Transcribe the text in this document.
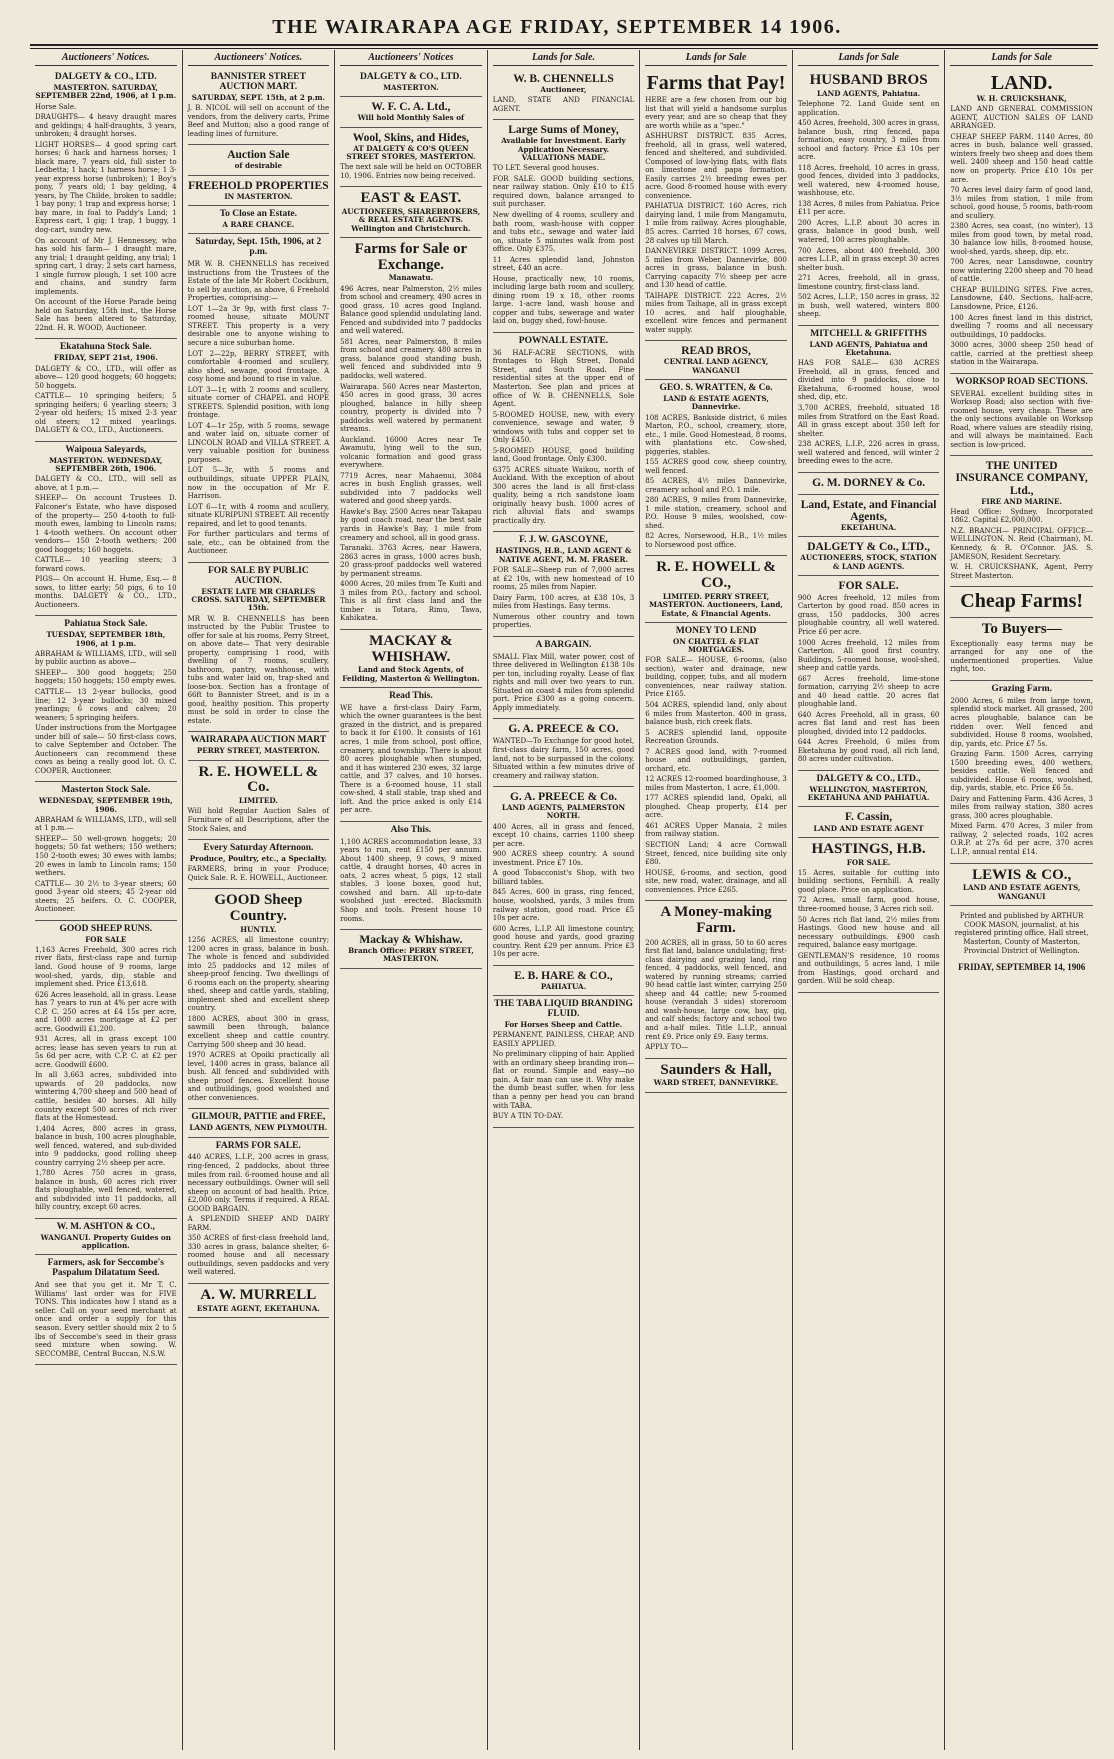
THE WAIRARAPA AGE FRIDAY, SEPTEMBER 14 1906.
Auctioneers' Notices.
DALGETY & CO., LTD.
MASTERTON. SATURDAY, SEPTEMBER 22nd, 1906, at 1 p.m.

Horse Sale.

DRAUGHTS— 4 heavy draught mares and geldings; 4 half-draughts, 3 years, unbroken; 4 draught horses.

LIGHT HORSES— 4 good spring cart horses; 6 hack and harness horses; 1 black mare, 7 years old, full sister to Ledbetta; 1 hack; 1 harness horse; 1 3-year express horse (unbroken); 1 Boy's pony, 7 years old; 1 bay gelding, 4 years, by The Childe, broken to saddle; 1 bay pony; 1 trap and express horse; 1 bay mare, in foal to Paddy's Land; 1 Express cart, 1 gig; 1 trap, 1 buggy, 1 dog-cart, sundry new.

On account of Mr J. Hennessey, who has sold his farm— 1 draught mare, any trial; 1 draught gelding, any trial; 1 spring cart, 1 dray; 2 sets cart harness, 1 single furrow plough, 1 set 100 acre and chains, and sundry farm implements.

On account of the Horse Parade being held on Saturday, 15th inst., the Horse Sale has been altered to Saturday, 22nd. H. R. WOOD, Auctioneer.

Ekatahuna Stock Sale.
FRIDAY, SEPT 21st, 1906.

DALGETY & CO., LTD., will offer as above— 120 good hoggets; 60 hoggets; 50 hoggets.

CATTLE— 10 springing heifers; 5 springing heifers; 6 yearling steers; 3 2-year old heifers; 15 mixed 2-3 year old steers; 12 mixed yearlings. DALGETY & CO., LTD., Auctioneers.

Waipoua Saleyards,
MASTERTON. WEDNESDAY, SEPTEMBER 26th, 1906.

DALGETY & CO., LTD., will sell as above, at 1 p.m.—

SHEEP— On account Trustees D. Falconer's Estate, who have disposed of the property— 250 4-tooth to full-mouth ewes, lambing to Lincoln rams; 1 4-tooth wethers. On account other vendors— 150 2-tooth wethers; 200 good hoggets; 160 hoggets.

CATTLE— 10 yearling steers; 3 forward cows.

PIGS— On account H. Hume, Esq.— 8 sows, to litter early; 50 pigs, 6 to 10 months. DALGETY & CO., LTD., Auctioneers.

Pahiatua Stock Sale.
TUESDAY, SEPTEMBER 18th, 1906, at 1 p.m.

ABRAHAM & WILLIAMS, LTD., will sell by public auction as above—

SHEEP— 300 good hoggets; 250 hoggets; 150 hoggets; 150 empty ewes.

CATTLE— 13 2-year bullocks, good line; 12 3-year bullocks; 30 mixed yearlings; 6 cows and calves; 20 weaners; 5 springing heifers.

Under instructions from the Mortgagee under bill of sale— 50 first-class cows, to calve September and October. The Auctioneers can recommend these cows as being a really good lot. O. C. COOPER, Auctioneer.

Masterton Stock Sale.
WEDNESDAY, SEPTEMBER 19th, 1906.

ABRAHAM & WILLIAMS, LTD., will sell at 1 p.m.—

SHEEP— 50 well-grown hoggets; 20 hoggets; 50 fat wethers; 150 wethers; 150 2-tooth ewes; 30 ewes with lambs; 20 ewes in lamb to Lincoln rams; 150 wethers.

CATTLE— 30 2½ to 3-year steers; 60 good 3-year old steers; 45 2-year old steers; 25 heifers. O. C. COOPER, Auctioneer.

GOOD SHEEP RUNS.
FOR SALE

1,163 Acres Freehold, 300 acres rich river flats, first-class rape and turnip land. Good house of 9 rooms, large wool-shed, yards, dip, stable and implement shed. Price £13,618.

626 Acres leasehold, all in grass. Lease has 7 years to run at 4% per acre with C.P. C. 250 acres at £4 15s per acre, and 1000 acres mortgage at £2 per acre. Goodwill £1,200.

931 Acres, all in grass except 100 acres; lease has seven years to run at 5s 6d per acre, with C.P. C. at £2 per acre. Goodwill £600.

In all 3,663 acres, subdivided into upwards of 20 paddocks, now wintering 4,700 sheep and 500 head of cattle, besides 40 horses. All hilly country except 500 acres of rich river flats at the Homestead.

1,404 Acres, 800 acres in grass, balance in bush, 100 acres ploughable, well fenced, watered, and sub-divided into 9 paddocks, good rolling sheep country carrying 2½ sheep per acre.

1,780 Acres 750 acres in grass, balance in bush, 60 acres rich river flats ploughable, well fenced, watered, and subdivided into 11 paddocks, all hilly country, except 60 acres.

W. M. ASHTON & CO.,
WANGANUI. Property Guides on application.
Farmers, ask for Seccombe's Paspalum Dilatatum Seed.

And see that you get it. Mr T. C. Williams' last order was for FIVE TONS. This indicates how I stand as a seller. Call on your seed merchant at once and order a supply for this season. Every settler should mix 2 to 5 lbs of Seccombe's seed in their grass seed mixture when sowing. W. SECCOMBE, Central Buccan, N.S.W.

Auctioneers' Notices.
BANNISTER STREET AUCTION MART.
SATURDAY, SEPT. 15th, at 2 p.m.

J. B. NICOL will sell on account of the vendors, from the delivery carts, Prime Beef and Mutton; also a good range of leading lines of furniture.

Auction Sale
of desirable
FREEHOLD PROPERTIES
IN MASTERTON.
To Close an Estate.
A RARE CHANCE.
Saturday, Sept. 15th, 1906, at 2 p.m.

MR W. B. CHENNELLS has received instructions from the Trustees of the Estate of the late Mr Robert Cockburn, to sell by auction, as above, 6 Freehold Properties, comprising:—

LOT 1—2a 3r 9p, with first class 7-roomed house, situate MOUNT STREET. This property is a very desirable one to anyone wishing to secure a nice suburban home.

LOT 2—22p, BERRY STREET, with comfortable 4-roomed and scullery, also shed, sewage, good frontage. A cosy home and bound to rise in value.

LOT 3—1r, with 2 rooms and scullery, situate corner of CHAPEL and HOPE STREETS. Splendid position, with long frontage.

LOT 4—1r 25p, with 5 rooms, sewage and water laid on, situate corner of LINCOLN ROAD and VILLA STREET. A very valuable position for business purposes.

LOT 5—3r, with 5 rooms and outbuildings, situate UPPER PLAIN, now in the occupation of Mr F. Harrison.

LOT 6—1r, with 4 rooms and scullery, situate KURIPUNI STREET. All recently repaired, and let to good tenants.

For further particulars and terms of sale, etc., can be obtained from the Auctioneer.

FOR SALE BY PUBLIC AUCTION.
ESTATE LATE MR CHARLES CROSS. SATURDAY, SEPTEMBER 15th.

MR W. B. CHENNELLS has been instructed by the Public Trustee to offer for sale at his rooms, Perry Street, on above date— That very desirable property, comprising 1 rood, with dwelling of 7 rooms, scullery, bathroom, pantry, washhouse, with tubs and water laid on, trap-shed and loose-box. Section has a frontage of 66ft to Bannister Street, and is in a good, healthy position. This property must be sold in order to close the estate.

WAIRARAPA AUCTION MART
PERRY STREET, MASTERTON.
R. E. HOWELL & Co.
LIMITED.

Will hold Regular Auction Sales of Furniture of all Descriptions, after the Stock Sales, and

Every Saturday Afternoon.
Produce, Poultry, etc., a Specialty.

FARMERS, bring in your Produce; Quick Sale. R. E. HOWELL, Auctioneer.

GOOD Sheep Country.
HUNTLY.

1256 ACRES, all limestone country; 1200 acres in grass, balance in bush. The whole is fenced and subdivided into 25 paddocks and 12 miles of sheep-proof fencing. Two dwellings of 6 rooms each on the property, shearing shed, sheep and cattle yards, stabling, implement shed and excellent sheep country.

1800 ACRES, about 300 in grass, sawmill been through, balance excellent sheep and cattle country. Carrying 500 sheep and 30 head.

1970 ACRES at Opoiki practically all level, 1400 acres in grass, balance all bush. All fenced and subdivided with sheep proof fences. Excellent house and outbuildings, good woolshed and other conveniences.

GILMOUR, PATTIE and FREE,
LAND AGENTS, NEW PLYMOUTH.
FARMS FOR SALE.

440 ACRES, L.I.P., 200 acres in grass, ring-fenced, 2 paddocks, about three miles from rail. 6-roomed house and all necessary outbuildings. Owner will sell sheep on account of bad health. Price, £2,000 only. Terms if required. A REAL GOOD BARGAIN.

A SPLENDID SHEEP AND DAIRY FARM.

350 ACRES of first-class freehold land, 330 acres in grass, balance shelter, 6-roomed house and all necessary outbuildings, seven paddocks and very well watered.

A. W. MURRELL
ESTATE AGENT, EKETAHUNA.
Auctioneers' Notices
DALGETY & CO., LTD.
MASTERTON.
W. F. C. A. Ltd.,
Will hold Monthly Sales of
Wool, Skins, and Hides,
AT DALGETY & CO'S QUEEN STREET STORES, MASTERTON.

The next sale will be held on OCTOBER 10, 1906. Entries now being received.

EAST & EAST.
AUCTIONEERS, SHAREBROKERS, & REAL ESTATE AGENTS. Wellington and Christchurch.
Farms for Sale or Exchange.
Manawatu.

496 Acres, near Palmerston, 2½ miles from school and creamery, 490 acres in good grass, 10 acres good Ingland. Balance good splendid undulating land. Fenced and subdivided into 7 paddocks and well watered.

581 Acres, near Palmerston, 8 miles from school and creamery. 480 acres in grass, balance good standing bush, well fenced and subdivided into 9 paddocks, well watered.

Wairarapa. 560 Acres near Masterton, 450 acres in good grass, 30 acres ploughed, balance in hilly sheep country, property is divided into 7 paddocks well watered by permanent streams.

Auckland. 16000 Acres near Te Awamutu, lying well to the sun, volcanic formation and good grass everywhere.

7719 Acres, near Mahaenui, 3084 acres in bush English grasses, well subdivided into 7 paddocks well watered and good sheep yards.

Hawke's Bay. 2500 Acres near Takapau by good coach road, near the best sale yards in Hawke's Bay, 1 mile from creamery and school, all in good grass.

Taranaki. 3763 Acres, near Hawera, 2863 acres in grass, 1000 acres bush, 20 grass-proof paddocks well watered by permanent streams.

4000 Acres, 20 miles from Te Kuiti and 3 miles from P.O., factory and school. This is all first class land and the timber is Totara, Rimu, Tawa, Kahikatea.

MACKAY & WHISHAW.
Land and Stock Agents, of Feilding, Masterton & Wellington.
Read This.

WE have a first-class Dairy Farm, which the owner guarantees is the best grazed in the district, and is prepared to back it for £100. It consists of 161 acres, 1 mile from school, post office, creamery, and township. There is about 80 acres ploughable when stumped, and it has wintered 230 ewes, 32 large cattle, and 37 calves, and 10 horses. There is a 6-roomed house, 11 stall cow-shed, 4 stall stable, trap shed and loft. And the price asked is only £14 per acre.

Also This.

1,100 ACRES accommodation lease, 33 years to run, rent £150 per annum. About 1400 sheep, 9 cows, 9 mixed cattle, 4 draught horses, 40 acres in oats, 2 acres wheat, 5 pigs, 12 stall stables, 3 loose boxes, good hut, cowshed and barn. All up-to-date woolshed just erected. Blacksmith Shop and tools. Present house 10 rooms.

Mackay & Whishaw.
Branch Office: PERRY STREET, MASTERTON.
Lands for Sale.
W. B. CHENNELLS
Auctioneer,

LAND, STATE AND FINANCIAL AGENT.

Large Sums of Money,
Available for Investment. Early Application Necessary. VALUATIONS MADE.

TO LET. Several good houses.

FOR SALE. GOOD building sections, near railway station. Only £10 to £15 required down, balance arranged to suit purchaser.

New dwelling of 4 rooms, scullery and bath room, wash-house with copper and tubs etc., sewage and water laid on, situate 5 minutes walk from post office. Only £375.

11 Acres splendid land, Johnston street, £40 an acre.

House, practically new, 10 rooms, including large bath room and scullery, dining room 19 x 18, other rooms large. 1-acre land, wash house and copper and tubs, sewerage and water laid on, buggy shed, fowl-house.

POWNALL ESTATE.

36 HALF-ACRE SECTIONS, with frontages to High Street, Donald Street, and South Road. Fine residential sites at the upper end of Masterton. See plan and prices at office of W. B. CHENNELLS, Sole Agent.

5-ROOMED HOUSE, new, with every convenience, sewage and water, 9 windows with tubs and copper set to Only £450.

5-ROOMED HOUSE, good building land, Good frontage. Only £300.

6375 ACRES situate Waikou, north of Auckland. With the exception of about 300 acres the land is all first-class quality, being a rich sandstone loam originally heavy bush. 1000 acres of rich alluvial flats and swamps practically dry.

F. J. W. GASCOYNE,
HASTINGS, H.B., LAND AGENT & NATIVE AGENT, M. M. FRASER.

FOR SALE—Sheep run of 7,000 acres at £2 10s, with new homestead of 10 rooms, 25 miles from Napier.

Dairy Farm, 100 acres, at £38 10s, 3 miles from Hastings. Easy terms.

Numerous other country and town properties.

A BARGAIN.

SMALL Flax Mill, water power, cost of three delivered in Wellington £138 10s per ton, including royalty. Lease of flax rights and mill over two years to run. Situated on coast 4 miles from splendid port. Price £300 as a going concern. Apply immediately.

G. A. PREECE & CO.

WANTED—To Exchange for good hotel, first-class dairy farm, 150 acres, good land, not to be surpassed in the colony. Situated within a few minutes drive of creamery and railway station.

G. A. PREECE & Co.
LAND AGENTS, PALMERSTON NORTH.

400 Acres, all in grass and fenced, except 10 chains, carries 1100 sheep per acre.

900 ACRES sheep country. A sound investment. Price £7 10s.

A good Tobacconist's Shop, with two billiard tables.

845 Acres, 600 in grass, ring fenced, house, woolshed, yards, 3 miles from railway station, good road. Price £5 10s per acre.

600 Acres, L.I.P. All limestone country, good house and yards, good grazing country. Rent £29 per annum. Price £3 10s per acre.

E. B. HARE & CO.,
PAHIATUA.
THE TABA LIQUID BRANDING FLUID.
For Horses Sheep and Cattle.

PERMANENT, PAINLESS, CHEAP, AND EASILY APPLIED.

No preliminary clipping of hair. Applied with an ordinary sheep branding iron—flat or round. Simple and easy—no pain. A fair man can use it. Why make the dumb beast suffer, when for less than a penny per head you can brand with TABA.

BUY A TIN TO-DAY.

Lands for Sale
Farms that Pay!

HERE are a few chosen from our big list that will yield a handsome surplus every year, and are so cheap that they are worth while as a "spec."

ASHHURST DISTRICT. 835 Acres, freehold, all in grass, well watered, fenced and sheltered, and subdivided. Composed of low-lying flats, with flats on limestone and papa formation. Easily carries 2½ breeding ewes per acre. Good 8-roomed house with every convenience.

PAHIATUA DISTRICT. 160 Acres, rich dairying land, 1 mile from Mangamutu, 1 mile from railway. Acres ploughable, 85 acres. Carried 18 horses, 67 cows, 28 calves up till March.

DANNEVIRKE DISTRICT. 1099 Acres, 5 miles from Weber, Dannevirke, 800 acres in grass, balance in bush. Carrying capacity 7½ sheep per acre and 130 head of cattle.

TAIHAPE DISTRICT. 222 Acres, 2½ miles from Taihape, all in grass except 10 acres, and half ploughable, excellent wire fences and permanent water supply.

READ BROS,
CENTRAL LAND AGENCY, WANGANUI
GEO. S. WRATTEN, & Co.
LAND & ESTATE AGENTS, Dannevirke.

108 ACRES, Bankside district, 6 miles Marton, P.O., school, creamery, store, etc., 1 mile. Good Homestead, 8 rooms, with plantations etc. Cow-shed, piggeries, stables.

155 ACRES good cow, sheep country, well fenced.

85 ACRES, 4½ miles Dannevirke, creamery school and P.O. 1 mile.

280 ACRES, 9 miles from Dannevirke, 1 mile station, creamery, school and P.O. House 9 miles, woolshed, cow-shed.

82 Acres, Norsewood, H.B., 1½ miles to Norsewood post office.

R. E. HOWELL & CO.,
LIMITED. PERRY STREET, MASTERTON. Auctioneers, Land, Estate, & Financial Agents.
MONEY TO LEND
ON CHATTEL & FLAT MORTGAGES.

FOR SALE— HOUSE, 6-rooms, (also section), water and drainage, new building, copper, tubs, and all modern conveniences, near railway station. Price £165.

504 ACRES, splendid land, only about 6 miles from Masterton. 400 in grass, balance bush, rich creek flats.

5 ACRES splendid land, opposite Recreation Grounds.

7 ACRES good land, with 7-roomed house and outbuildings, garden, orchard, etc.

12 ACRES 12-roomed boardinghouse, 3 miles from Masterton, 1 acre, £1,000.

177 ACRES splendid land, Opaki, all ploughed. Cheap property, £14 per acre.

461 ACRES Upper Manaia, 2 miles from railway station.

SECTION Land; 4 acre Cornwall Street, fenced, nice building site only £80.

HOUSE, 6-rooms, and section, good site, new road, water, drainage, and all conveniences. Price £265.

A Money-making Farm.

200 ACRES, all in grass, 50 to 60 acres first flat land, balance undulating; first-class dairying and grazing land, ring fenced, 4 paddocks, well fenced, and watered by running streams; carried 90 head cattle last winter, carrying 250 sheep and 44 cattle; new 5-roomed house (verandah 3 sides) storeroom and wash-house, large cow, bay, gig, and calf sheds; factory and school two and a-half miles. Title L.I.P., annual rent £9. Price only £9. Easy terms.

APPLY TO—

Saunders & Hall,
WARD STREET, DANNEVIRKE.
Lands for Sale
HUSBAND BROS
LAND AGENTS, Pahiatua.

Telephone 72. Land Guide sent on application.

450 Acres, freehold, 300 acres in grass, balance bush, ring fenced, papa formation, easy country, 3 miles from school and factory. Price £3 10s per acre.

118 Acres, freehold, 10 acres in grass, good fences, divided into 3 paddocks, well watered, new 4-roomed house, washhouse, etc.

138 Acres, 8 miles from Pahiatua. Price £11 per acre.

200 Acres, L.I.P. about 30 acres in grass, balance in good bush, well watered, 100 acres ploughable.

700 Acres, about 400 freehold, 300 acres L.I.P., all in grass except 30 acres shelter bush.

271 Acres, freehold, all in grass, limestone country, first-class land.

502 Acres, L.I.P., 150 acres in grass, 32 in bush, well watered, winters 800 sheep.

MITCHELL & GRIFFITHS
LAND AGENTS, Pahiatua and Eketahuna.

HAS FOR SALE— 630 ACRES Freehold, all in grass, fenced and divided into 9 paddocks, close to Eketahuna, 6-roomed house, wool shed, dip, etc.

3,700 ACRES, freehold, situated 18 miles from Stratford on the East Road. All in grass except about 350 left for shelter.

238 ACRES, L.I.P., 226 acres in grass, well watered and fenced, will winter 2 breeding ewes to the acre.

G. M. DORNEY & Co.
Land, Estate, and Financial Agents,
EKETAHUNA.
DALGETY & Co., LTD.,
AUCTIONEERS, STOCK, STATION & LAND AGENTS.
FOR SALE.

900 Acres freehold, 12 miles from Carterton by good road. 850 acres in grass, 150 paddocks, 300 acres ploughable country, all well watered. Price £6 per acre.

1000 Acres freehold, 12 miles from Carterton. All good first country. Buildings, 5-roomed house, wool-shed, sheep and cattle yards.

667 Acres freehold, lime-stone formation, carrying 2½ sheep to acre and 40 head cattle. 20 acres flat ploughable land.

640 Acres Freehold, all in grass, 60 acres flat land and rest has been ploughed, divided into 12 paddocks.

644 Acres Freehold, 6 miles from Eketahuna by good road, all rich land, 80 acres under cultivation.

DALGETY & CO., LTD.,
WELLINGTON, MASTERTON, EKETAHUNA AND PAHIATUA.
F. Cassin,
LAND AND ESTATE AGENT
HASTINGS, H.B.
FOR SALE.

15 Acres, suitable for cutting into building sections, Fernhill. A really good place. Price on application.

72 Acres, small farm, good house, three-roomed house, 3 Acres rich soil.

50 Acres rich flat land, 2½ miles from Hastings. Good new house and all necessary outbuildings. £900 cash required, balance easy mortgage.

GENTLEMAN'S residence, 10 rooms and outbuildings, 5 acres land, 1 mile from Hastings, good orchard and garden. Will be sold cheap.

Lands for Sale
LAND.
W. H. CRUICKSHANK,

LAND AND GENERAL COMMISSION AGENT, AUCTION SALES OF LAND ARRANGED.

CHEAP SHEEP FARM. 1140 Acres, 80 acres in bush, balance well grassed, winters freely two sheep and does them well. 2400 sheep and 150 head cattle now on property. Price £10 10s per acre.

70 Acres level dairy farm of good land, 3½ miles from station, 1 mile from school, good house, 5 rooms, bath-room and scullery.

2380 Acres, sea coast, (no winter), 13 miles from good town, by metal road, 30 balance low hills, 8-roomed house, wool-shed, yards, sheep, dip, etc.

700 Acres, near Lansdowne, country now wintering 2200 sheep and 70 head of cattle.

CHEAP BUILDING SITES. Five acres, Lansdowne, £40. Sections, half-acre, Lansdowne, Price, £126.

100 Acres finest land in this district, dwelling 7 rooms and all necessary outbuildings, 10 paddocks.

3000 acres, 3000 sheep 250 head of cattle, carried at the prettiest sheep station in the Wairarapa.

WORKSOP ROAD SECTIONS.

SEVERAL excellent building sites in Worksop Road; also section with five-roomed house, very cheap. These are the only sections available on Worksop Road, where values are steadily rising, and will always be maintained. Each section is low-priced.

THE UNITED INSURANCE COMPANY, Ltd.,
FIRE AND MARINE.

Head Office: Sydney. Incorporated 1862. Capital £2,000,000.

N.Z. BRANCH— PRINCIPAL OFFICE—WELLINGTON. N. Reid (Chairman), M. Kennedy, & R. O'Connor. JAS. S. JAMESON, Resident Secretary.

W. H. CRUICKSHANK, Agent, Perry Street Masterton.

Cheap Farms!
To Buyers—

Exceptionally easy terms may be arranged for any one of the undermentioned properties. Value right, too.

Grazing Farm.

2000 Acres, 6 miles from large town, splendid stock market. All grassed, 200 acres ploughable, balance can be ridden over. Well fenced and subdivided. House 8 rooms, woolshed, dip, yards, etc. Price £7 5s.

Grazing Farm. 1500 Acres, carrying 1500 breeding ewes, 400 wethers, besides cattle. Well fenced and subdivided. House 6 rooms, woolshed, dip, yards, stable, etc. Price £6 5s.

Dairy and Fattening Farm. 436 Acres, 3 miles from railway station, 380 acres grass, 300 acres ploughable.

Mixed Farm. 470 Acres, 3 miler from railway, 2 selected roads, 102 acres O.R.P. at 27s 6d per acre, 370 acres L.I.P., annual rental £14.

LEWIS & CO.,
LAND AND ESTATE AGENTS, WANGANUI
Printed and published by ARTHUR COOK MASON, journalist, at his registered printing office, Hall street, Masterton, County of Masterton, Provincial District of Wellington.
FRIDAY, SEPTEMBER 14, 1906
